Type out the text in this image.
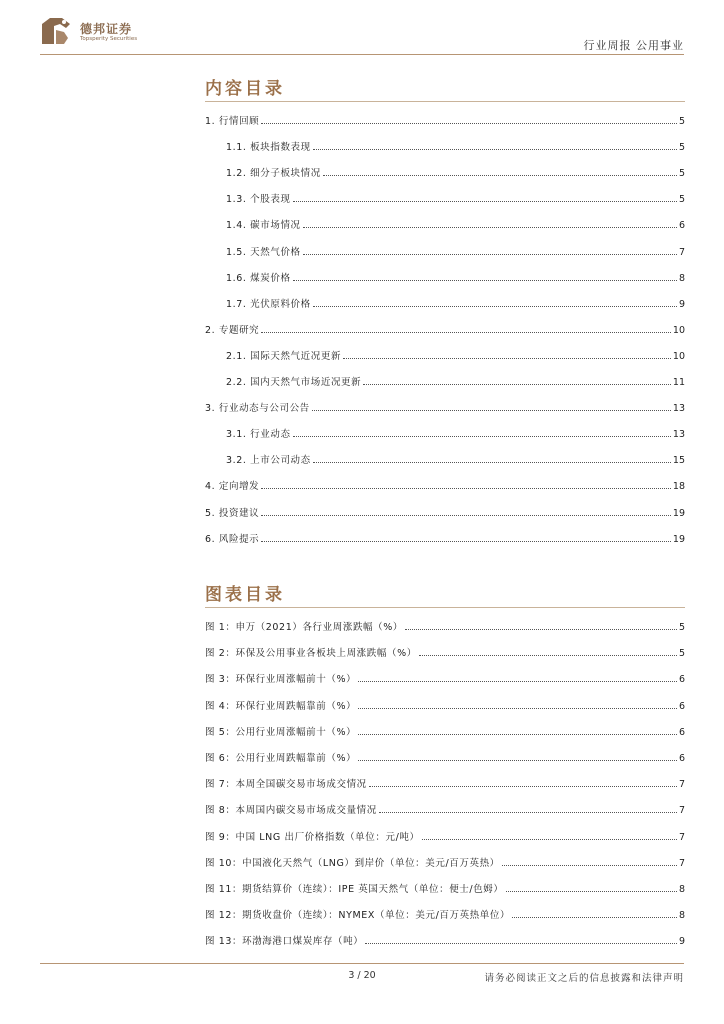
德邦证券
Topsperity Securities	行业周报 公用事业
内容目录
1. 行情回顾	5
1.1. 板块指数表现	5
1.2. 细分子板块情况	5
1.3. 个股表现	5
1.4. 碳市场情况	6
1.5. 天然气价格	7
1.6. 煤炭价格	8
1.7. 光伏原料价格	9
2. 专题研究	10
2.1. 国际天然气近况更新	10
2.2. 国内天然气市场近况更新	11
3. 行业动态与公司公告	13
3.1. 行业动态	13
3.2. 上市公司动态	15
4. 定向增发	18
5. 投资建议	19
6. 风险提示	19
图表目录
图 1：申万（2021）各行业周涨跌幅（%）	5
图 2：环保及公用事业各板块上周涨跌幅（%）	5
图 3：环保行业周涨幅前十（%）	6
图 4：环保行业周跌幅靠前（%）	6
图 5：公用行业周涨幅前十（%）	6
图 6：公用行业周跌幅靠前（%）	6
图 7：本周全国碳交易市场成交情况	7
图 8：本周国内碳交易市场成交量情况	7
图 9：中国 LNG 出厂价格指数（单位：元/吨）	7
图 10：中国液化天然气（LNG）到岸价（单位：美元/百万英热）	7
图 11：期货结算价（连续）：IPE 英国天然气（单位：便士/色姆）	8
图 12：期货收盘价（连续）：NYMEX（单位：美元/百万英热单位）	8
图 13：环渤海港口煤炭库存（吨）	9
3 / 20	请务必阅读正文之后的信息披露和法律声明
